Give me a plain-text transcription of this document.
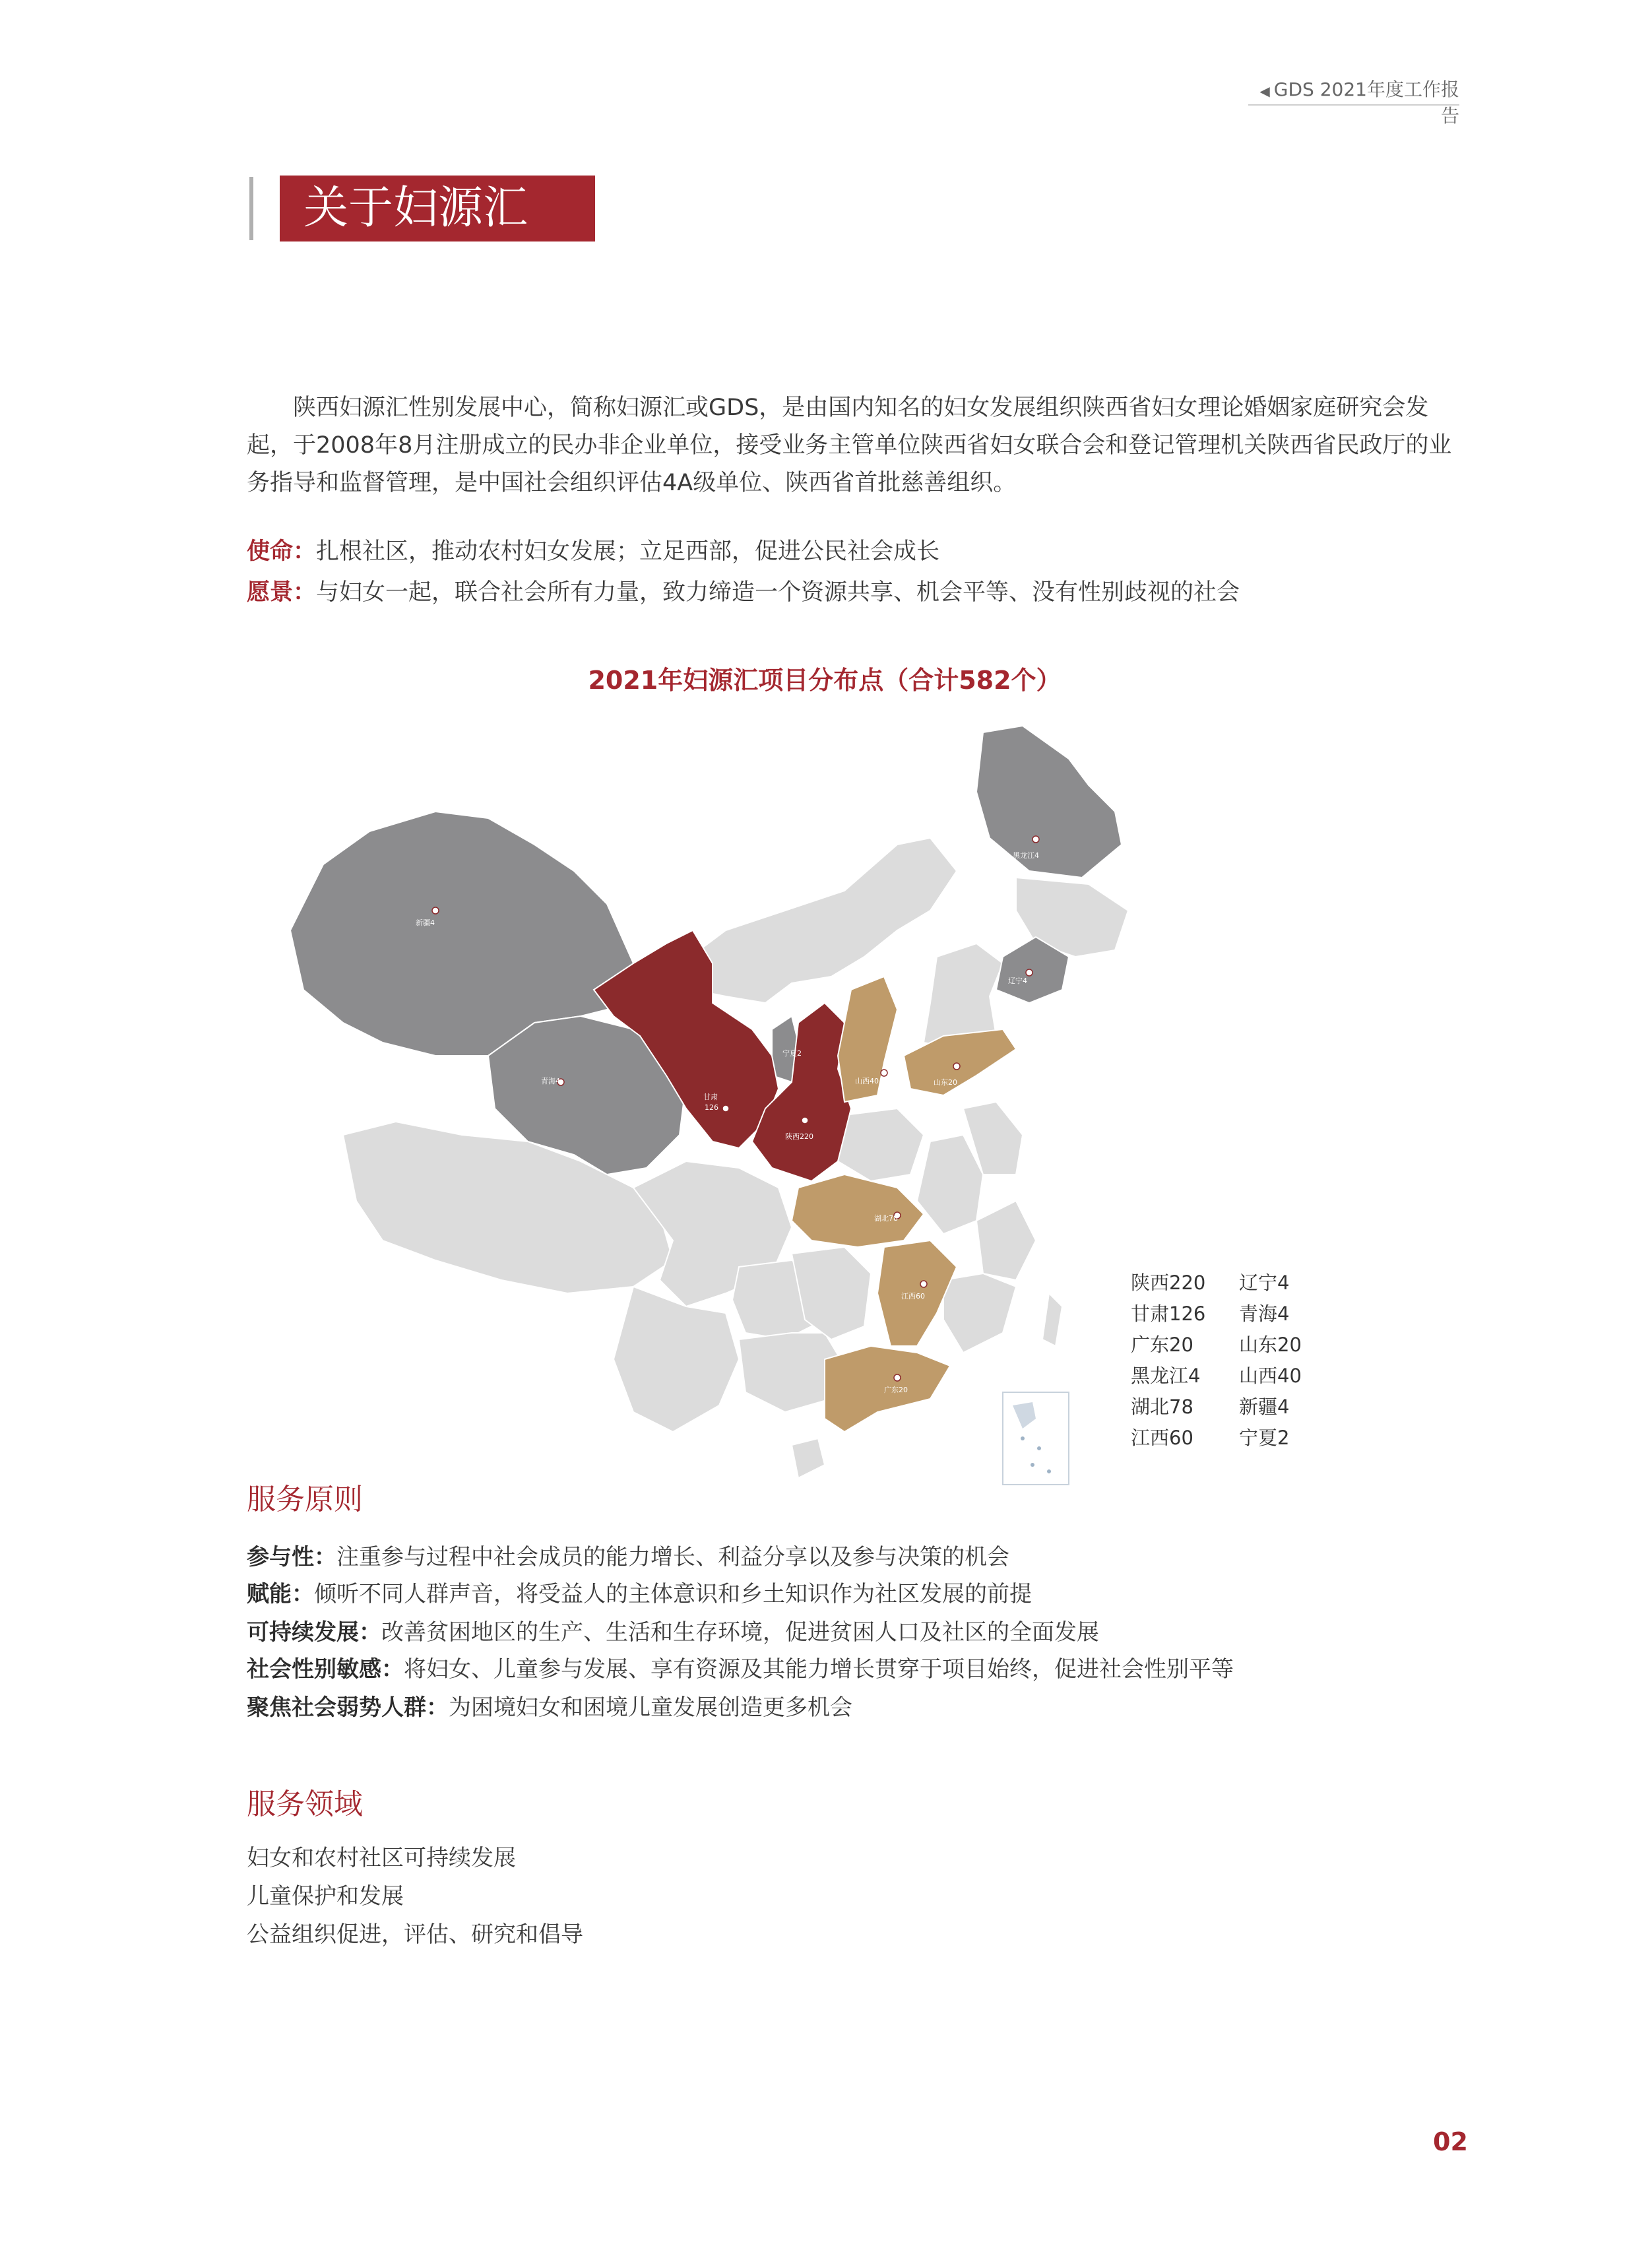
◀ GDS 2021年度工作报告
关于妇源汇

陕西妇源汇性别发展中心，简称妇源汇或GDS，是由国内知名的妇女发展组织陕西省妇女理论婚姻家庭研究会发起，于2008年8月注册成立的民办非企业单位，接受业务主管单位陕西省妇女联合会和登记管理机关陕西省民政厅的业务指导和监督管理，是中国社会组织评估4A级单位、陕西省首批慈善组织。

使命：扎根社区，推动农村妇女发展；立足西部，促进公民社会成长
愿景：与妇女一起，联合社会所有力量，致力缔造一个资源共享、机会平等、没有性别歧视的社会
2021年妇源汇项目分布点（合计582个）
黑龙江4
辽宁4
新疆4
青海4
甘肃
126
陕西220
山西40	山东20
湖北78
江西60
广东20
宁夏2
陕西220
甘肃126
广东20
黑龙江4
湖北78
江西60
辽宁4
青海4
山东20
山西40
新疆4
宁夏2
服务原则
参与性：注重参与过程中社会成员的能力增长、利益分享以及参与决策的机会
赋能：倾听不同人群声音，将受益人的主体意识和乡土知识作为社区发展的前提
可持续发展：改善贫困地区的生产、生活和生存环境，促进贫困人口及社区的全面发展
社会性别敏感：将妇女、儿童参与发展、享有资源及其能力增长贯穿于项目始终，促进社会性别平等
聚焦社会弱势人群：为困境妇女和困境儿童发展创造更多机会
服务领域
妇女和农村社区可持续发展
儿童保护和发展
公益组织促进，评估、研究和倡导
02
